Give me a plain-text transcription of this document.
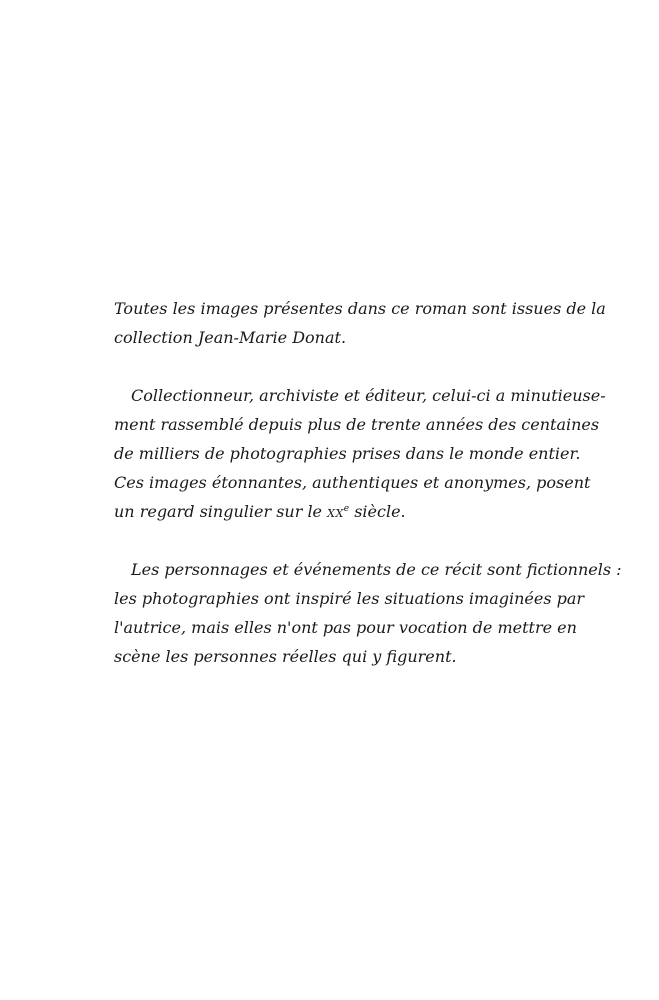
Toutes les images présentes dans ce roman sont issues de la
collection Jean-Marie Donat.
Collectionneur, archiviste et éditeur, celui-ci a minutieuse-
ment rassemblé depuis plus de trente années des centaines
de milliers de photographies prises dans le monde entier.
Ces images étonnantes, authentiques et anonymes, posent
un regard singulier sur le $xx^e$ siècle.
Les personnages et événements de ce récit sont fictionnels :
les photographies ont inspiré les situations imaginées par
l'autrice, mais elles n'ont pas pour vocation de mettre en
scène les personnes réelles qui y figurent.
